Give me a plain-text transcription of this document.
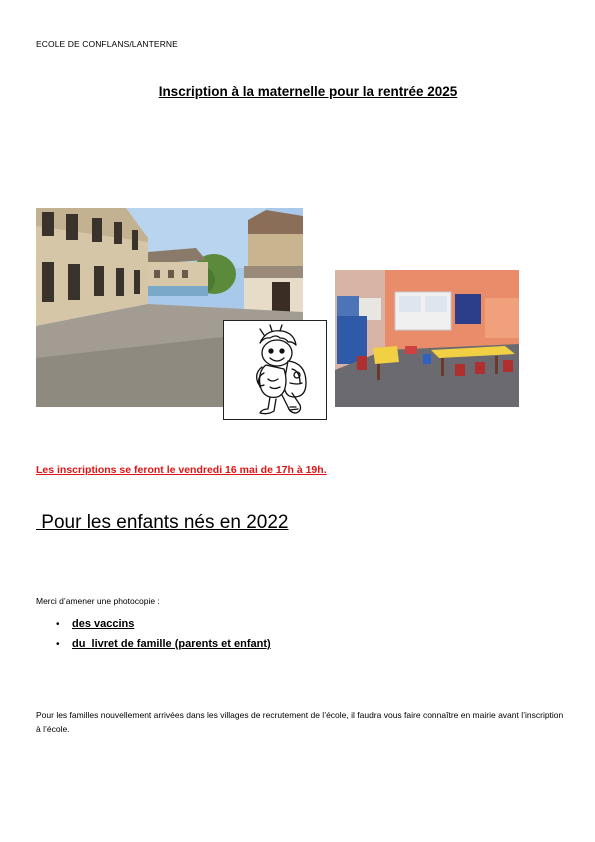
ECOLE DE CONFLANS/LANTERNE
Inscription à la maternelle pour la rentrée 2025
Les inscriptions se feront le vendredi 16 mai de 17h à 19h.
Pour les enfants nés en 2022
Merci d’amener une photocopie :
• des vaccins
• du  livret de famille (parents et enfant)
Pour les familles nouvellement arrivées dans les villages de recrutement de l’école, il faudra vous faire connaître en mairie avant l’inscription à l’école.
